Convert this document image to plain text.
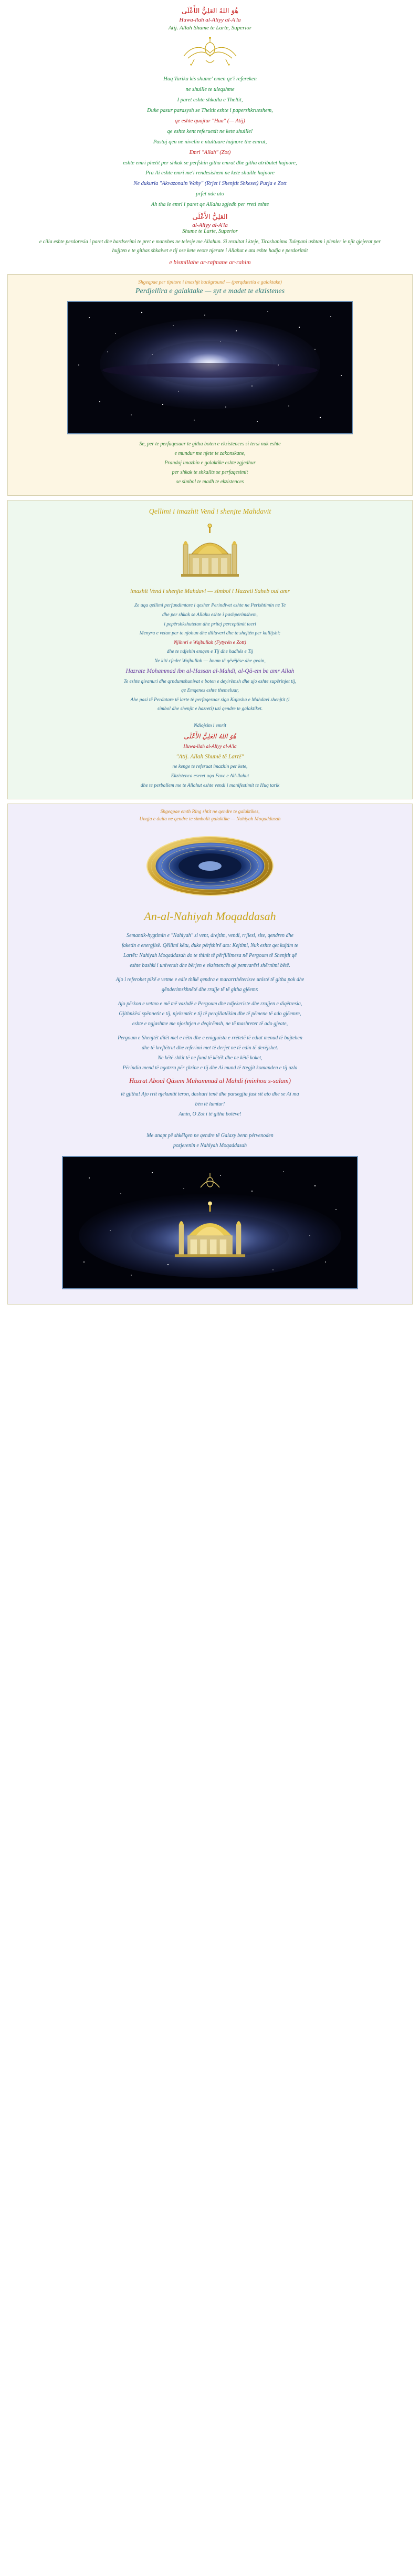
هُوَ اللهُ العَلِيُّ الأَعْلَى
Huwa-llah al-Aliyy al-A'la
Atij. Allah Shume te Larte, Superior
Huq Tarika kis shume' emen qe'i refereken
ne shuille te uleqshme
I paret eshte shkalla e Theltit,
Duke pasur parasysh se Theltit eshte i papershkrueshem,
qe eshte quajtur "Hua" (— Atij)
qe eshte kent referuesit ne kete shuille!
Pastaj qen ne nivelin e ntultuare hujnore the emrat,
Emri "Allah" (Zot)
eshte emri phetit per shkak se perfshin githa emrat dhe githa atributet hujnore,
Pra Ai eshte emri me'i rendesishem ne kete shuille hujnore
Ne dukuria "Akvazonain Wahy" (Rrjet i Shenjtit Shkeset) Purja e Zott
prfet nde ato
Ah tha ie emri i paret qe Allahu zgjedh per rreti eshte
العَلِيُّ الأَعْلَى
al-Aliyy al-A'la
Shume te Larte, Superior
e cilia eshte perdoresia i paret dhe bardserimi te pret e manxhes ne telesje me Allahun. Si rezultat i kteje, Tirashanima Tulepani ushtan i plenler ie njit qjejerat per hujjten e te githas shkaivet e tij ose kete eeote njerate i Allahut e ata eshte hadja e perdorimit
e bismillahe ar-rafmane ar-rahim
Shgeqpae per tipitore i imazhjt background — (perqdatetia e galaktake)
Perdjellira e galaktake — syt e madet te ekzistenes
Se, per te perfaqesuar te githa boten e ekzistences si tersi nuk eshte
e mundur me njete te zakonskane,
Prandaj imazhin e galaktike eshte zgjedhur
per shkak te shkallts se perfaqesimit
se simbol te madh te ekzistences
Qellimi i imazhit Vend i shenjte Mahdavit
imazhit Vend i shenjte Mahdavi — simbol i Hazreti Saheb oul amr
Ze uqa qellimi perfundimtare i qesher Perindivet eshte ne Perishtimin ne Te
dhe per shkak se Allahu eshte i pashperimshem,
i pepërshkshutetan dhe pritej perceptimit teeri
Menyra e vetan per te njohun dhe dillaveri dhe te shejtën per kullijshi:
Njihnri e Wajbullah (Fytyrën e Zott)
dhe te ndjehin emqen e Tij dhe hadhës e Tij
Ne kiti cfedet Wajbullah — Imam të qëvëjëse dhe gvain,
Hazrate Mohammad ibn al-Hassan al-Mahdi, al-Qā-em be amr Allah
Te eshte qivanuri dhe qrndumshunivat e boten e deyirëmsh dhe ujo eshte supërinjet tij,
qe Emqenes eshte themeluar,
Ahe pasi të Perdatare të larte të perfaqesuar siga Kajasha e Mahdavi shenjtit (i
simbol dhe shenjit e hazreti) uzi qendre te galaktiket.
Ndiojsim i emrit
هُوَ اللهُ العَلِيُّ الأَعْلَى
Huwa-llah al-Aliyy al-A'la
"Atij. Allah Shumë të Lartë"
ne kenge te referuat imazhin per kete,
Ekzistenca eseret uqa Fave e All-llahut
dhe te perballem me te Allahut eshte vendi i manifestimit te Huq tarik
Shgeqpae emth Ring shtit ne qendre te galaktikes,
Unqja e duita ne qendre te simbolit galaktike — Nahiyah Moqaddasah
An-al-Nahiyah Moqaddasah
Semantik-hygtimin e "Nahiyah" si vent, drejtim, vendi, rrjiesi, site, qendren dhe
faketin e energjisë. Qëllimi këtu, duke përfshirë ato: Kejtimi, Nuk eshte qet kujtim te
Lartët: Nahiyah Moqaddasah do te thinit të përfillimesa në Pergoum të Shenjtit që
eshte bashki i universit dhe bërjen e ekzistencës që pemvarësi shërnimi bëtë.
Ajo i referohet pikë e vetme e edie thikë qendra e mararrthëterisve unistë të githa pok dhe
gënderimskhnëtë dhe rrajje të të githa gjëemr.
Ajo përkon e vetmo e më më vazhdë e Pergoum dhe ndjekeriste dhe rrajjen e diqëtresia,
Gjithnkësi spënnetit e tij, njeksmtët e tij të perqillatëkim dhe të pëmene të ado gjëemre,
eshte e ngjashme me njoshtjen e deqirëmsh, ne të mashreter të ado gjeate,
Pergoum e Shenjtët ditët mel e nëtn dhe e enigjuista e rrëtetë të ediat menud të bajtehen
dhe të kreftëtrut dhe referimi met të derjet ne të edin të derëjshet.
Ne këtë shkit të ne fund të këtëk dhe ne këtë koket,
Përindia mend të ngatrra për çkrine e tij dhe Ai mund të tregjit komanden e tij uzla
Hazrat Aboul Qāsem Muhammad al Mahdi (minhou s-salam)
të gjitha! Ajo rrit njekuntit teron, dashuri tenë dhe parsegjia just sit ato dhe se Ai ma
bën të lumtur!
Amin, O Zot i të githa botëve!
Me anapt pë shkëlqen ne qendre të Galaxy benn pérvenoden
pozjerenin e Nahiyah Moqaddasah
